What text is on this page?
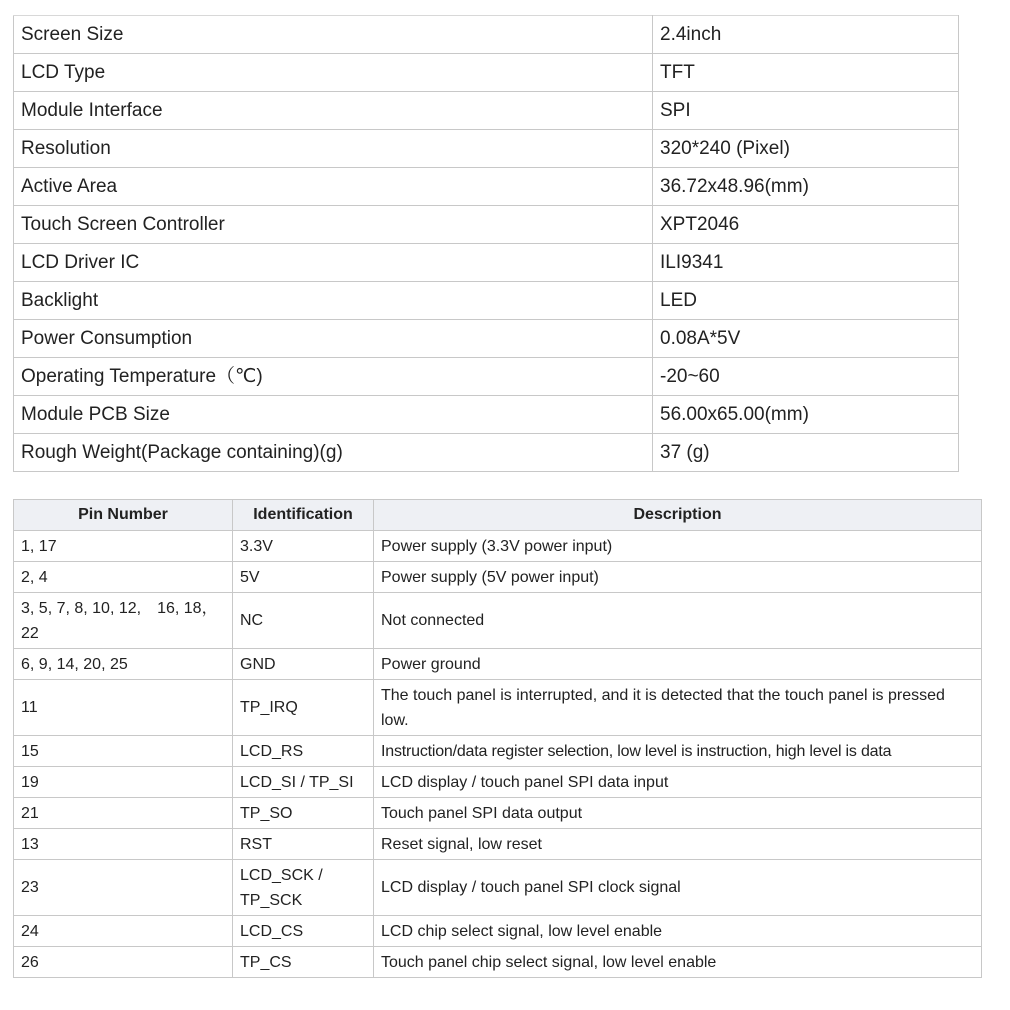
Screen Size	2.4inch
LCD Type	TFT
Module Interface	SPI
Resolution	320*240 (Pixel)
Active Area	36.72x48.96(mm)
Touch Screen Controller	XPT2046
LCD Driver IC	ILI9341
Backlight	LED
Power Consumption	0.08A*5V
Operating Temperature（℃)	-20~60
Module PCB Size	56.00x65.00(mm)
Rough Weight(Package containing)(g)	37 (g)
Pin Number	Identification	Description
1, 17	3.3V	Power supply (3.3V power input)
2, 4	5V	Power supply (5V power input)
3, 5, 7, 8, 10, 12,　16, 18，22	NC	Not connected
6, 9, 14, 20, 25	GND	Power ground
11	TP_IRQ	The touch panel is interrupted, and it is detected that the touch panel is pressed low.
15	LCD_RS	Instruction/data register selection, low level is instruction, high level is data
19	LCD_SI / TP_SI	LCD display / touch panel SPI data input
21	TP_SO	Touch panel SPI data output
13	RST	Reset signal, low reset
23	LCD_SCK / TP_SCK	LCD display / touch panel SPI clock signal
24	LCD_CS	LCD chip select signal, low level enable
26	TP_CS	Touch panel chip select signal, low level enable
